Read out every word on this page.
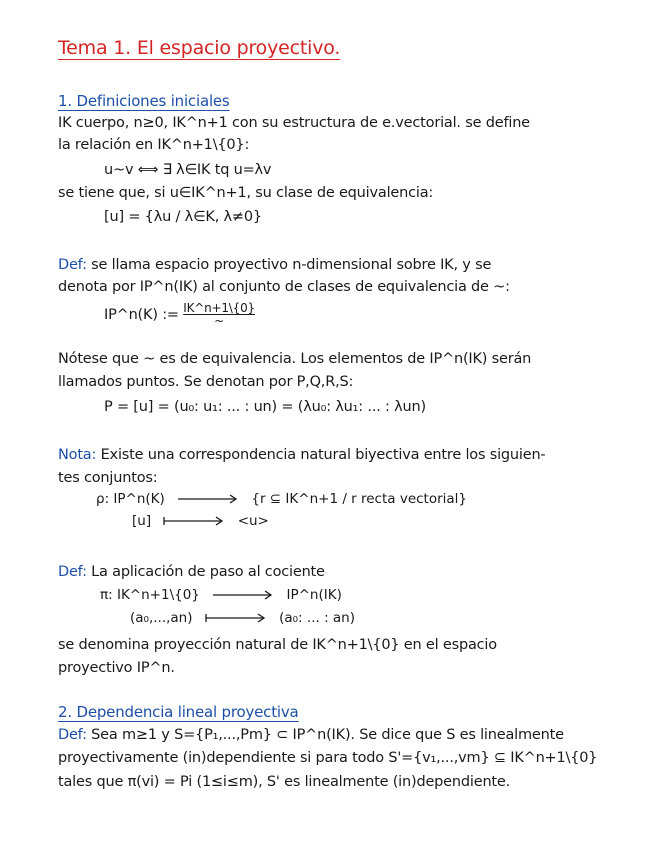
Tema 1. El espacio proyectivo.
1. Definiciones iniciales
IK cuerpo, n≥0, IK^n+1 con su estructura de e.vectorial. se define
la relación en IK^n+1\{0}:
u~v ⟺ ∃ λ∈IK tq u=λv
se tiene que, si u∈IK^n+1, su clase de equivalencia:
[u] = {λu / λ∈K, λ≠0}
Def: se llama espacio proyectivo n-dimensional sobre IK, y se
denota por IP^n(IK) al conjunto de clases de equivalencia de ~:
IP^n(K) := $\frac{IK\^{}n+1\backslash\{0\}}{\sim}$
Nótese que ~ es de equivalencia. Los elementos de IP^n(IK) serán
llamados puntos. Se denotan por P,Q,R,S:
P = [u] = (u₀: u₁: ... : un) = (λu₀: λu₁: ... : λun)
Nota: Existe una correspondencia natural biyectiva entre los siguien-
tes conjuntos:
ρ: IP^n(K)	{r ⊆ IK^n+1 / r recta vectorial}
[u]	<u>
Def: La aplicación de paso al cociente
π: IK^n+1\{0}	IP^n(IK)
(a₀,...,an)	(a₀: ... : an)
se denomina proyección natural de IK^n+1\{0} en el espacio
proyectivo IP^n.
2. Dependencia lineal proyectiva
Def: Sea m≥1 y S={P₁,...,Pm} ⊂ IP^n(IK). Se dice que S es linealmente
proyectivamente (in)dependiente si para todo S'={v₁,...,vm} ⊆ IK^n+1\{0}
tales que π(vi) = Pi (1≤i≤m), S' es linealmente (in)dependiente.
